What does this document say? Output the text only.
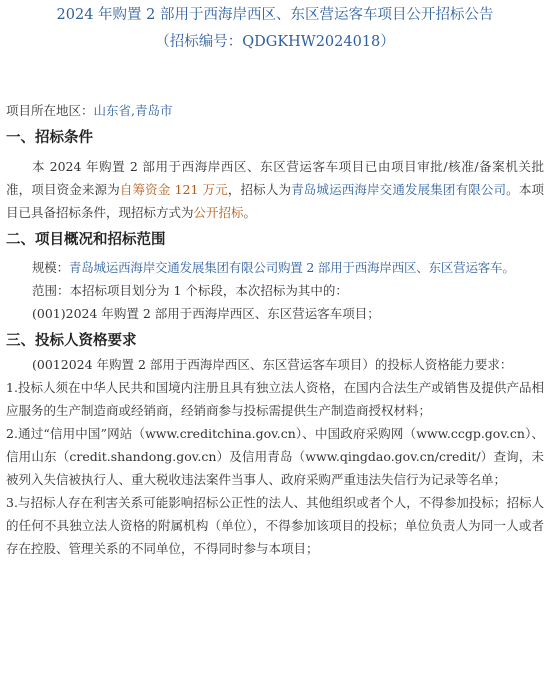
2024 年购置 2 部用于西海岸西区、东区营运客车项目公开招标公告
（招标编号：QDGKHW2024018）
项目所在地区：山东省,青岛市
一、招标条件
本 2024 年购置 2 部用于西海岸西区、东区营运客车项目已由项目审批/核准/备案机关批准，项目资金来源为自筹资金 121 万元，招标人为青岛城运西海岸交通发展集团有限公司。本项目已具备招标条件，现招标方式为公开招标。
二、项目概况和招标范围
规模：青岛城运西海岸交通发展集团有限公司购置 2 部用于西海岸西区、东区营运客车。
范围：本招标项目划分为 1 个标段，本次招标为其中的：
(001)2024 年购置 2 部用于西海岸西区、东区营运客车项目；
三、投标人资格要求
(0012024 年购置 2 部用于西海岸西区、东区营运客车项目）的投标人资格能力要求：
1.投标人须在中华人民共和国境内注册且具有独立法人资格，在国内合法生产或销售及提供产品相应服务的生产制造商或经销商，经销商参与投标需提供生产制造商授权材料；
2.通过“信用中国”网站（www.creditchina.gov.cn）、中国政府采购网（www.ccgp.gov.cn）、信用山东（credit.shandong.gov.cn）及信用青岛（www.qingdao.gov.cn/credit/）查询，未被列入失信被执行人、重大税收违法案件当事人、政府采购严重违法失信行为记录等名单；
3.与招标人存在利害关系可能影响招标公正性的法人、其他组织或者个人，不得参加投标；招标人的任何不具独立法人资格的附属机构（单位），不得参加该项目的投标；单位负责人为同一人或者存在控股、管理关系的不同单位，不得同时参与本项目；
